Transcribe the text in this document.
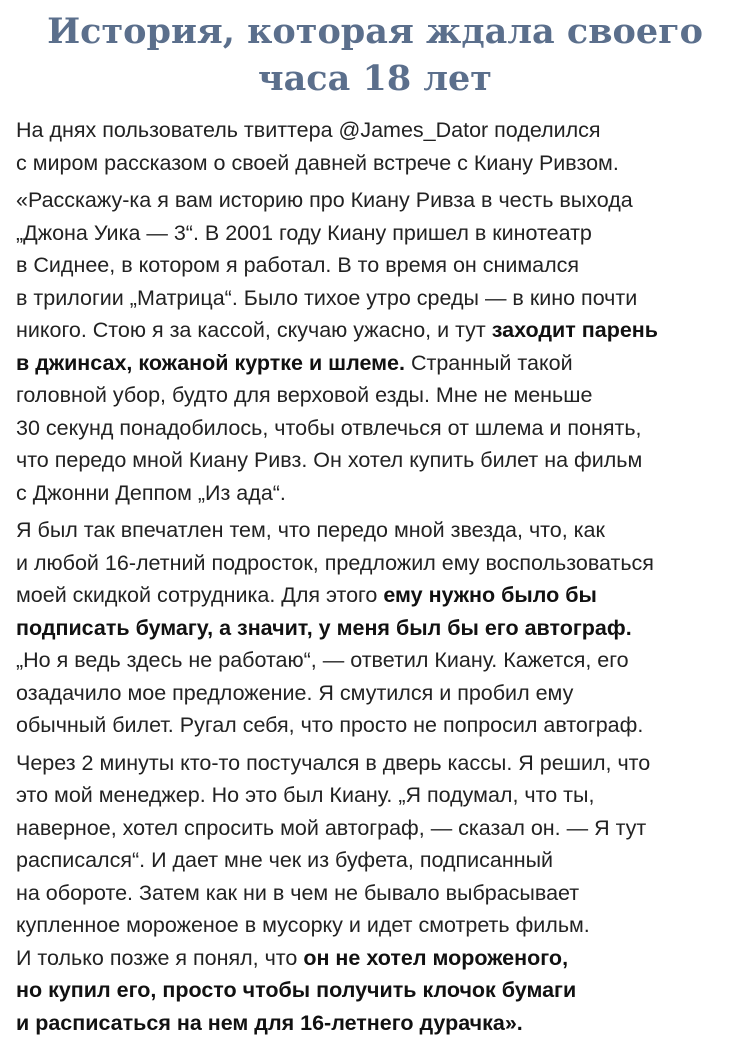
История, которая ждала своего
часа 18 лет
На днях пользователь твиттера @James_Dator поделился
с миром рассказом о своей давней встрече с Киану Ривзом.
«Расскажу-ка я вам историю про Киану Ривза в честь выхода
„Джона Уика — 3“. В 2001 году Киану пришел в кинотеатр
в Сиднее, в котором я работал. В то время он снимался
в трилогии „Матрица“. Было тихое утро среды — в кино почти
никого. Стою я за кассой, скучаю ужасно, и тут заходит парень
в джинсах, кожаной куртке и шлеме. Странный такой
головной убор, будто для верховой езды. Мне не меньше
30 секунд понадобилось, чтобы отвлечься от шлема и понять,
что передо мной Киану Ривз. Он хотел купить билет на фильм
с Джонни Деппом „Из ада“.
Я был так впечатлен тем, что передо мной звезда, что, как
и любой 16-летний подросток, предложил ему воспользоваться
моей скидкой сотрудника. Для этого ему нужно было бы
подписать бумагу, а значит, у меня был бы его автограф.
„Но я ведь здесь не работаю“, — ответил Киану. Кажется, его
озадачило мое предложение. Я смутился и пробил ему
обычный билет. Ругал себя, что просто не попросил автограф.
Через 2 минуты кто-то постучался в дверь кассы. Я решил, что
это мой менеджер. Но это был Киану. „Я подумал, что ты,
наверное, хотел спросить мой автограф, — сказал он. — Я тут
расписался“. И дает мне чек из буфета, подписанный
на обороте. Затем как ни в чем не бывало выбрасывает
купленное мороженое в мусорку и идет смотреть фильм.
И только позже я понял, что он не хотел мороженого,
но купил его, просто чтобы получить клочок бумаги
и расписаться на нем для 16-летнего дурачка».
